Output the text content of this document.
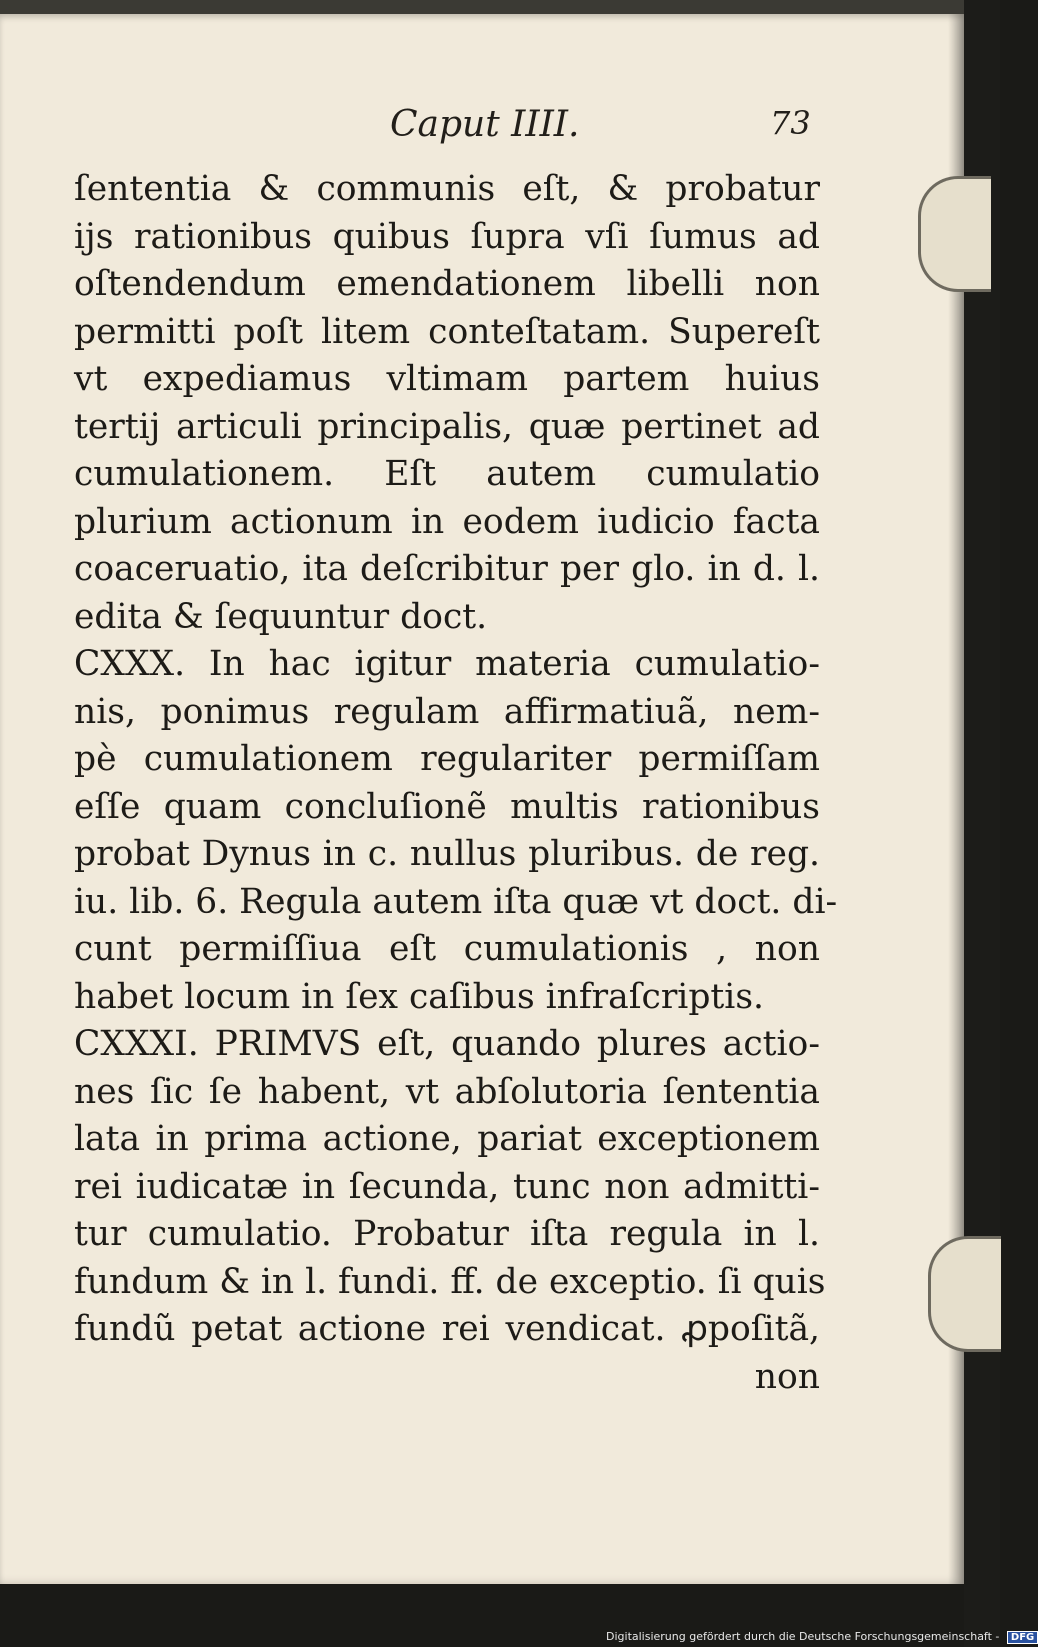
Caput IIII.	73
ſententia & communis eſt, & probatur
ijs rationibus quibus ſupra vſi ſumus ad
oſtendendum emendationem libelli non
permitti poſt litem conteſtatam. Supereſt
vt expediamus vltimam partem huius
tertij articuli principalis, quæ pertinet ad
cumulationem. Eſt autem cumulatio
plurium actionum in eodem iudicio facta
coaceruatio, ita deſcribitur per glo. in d. l.
edita & ſequuntur doct.
CXXX. In hac igitur materia cumulatio-
nis, ponimus regulam affirmatiuã, nem-
pè cumulationem regulariter permiſſam
eſſe quam concluſionẽ multis rationibus
probat Dynus in c. nullus pluribus. de reg.
iu. lib. 6. Regula autem iſta quæ vt doct. di-
cunt permiſſiua eſt cumulationis , non
habet locum in ſex caſibus infraſcriptis.
CXXXI. PRIMVS eſt, quando plures actio-
nes ſic ſe habent, vt abſolutoria ſententia
lata in prima actione, pariat exceptionem
rei iudicatæ in ſecunda, tunc non admitti-
tur cumulatio. Probatur iſta regula in l.
fundum & in l. fundi. ff. de exceptio. ſi quis
fundũ petat actione rei vendicat. ꝓpoſitã,
non
Digitalisierung gefördert durch die Deutsche Forschungsgemeinschaft - DFG
